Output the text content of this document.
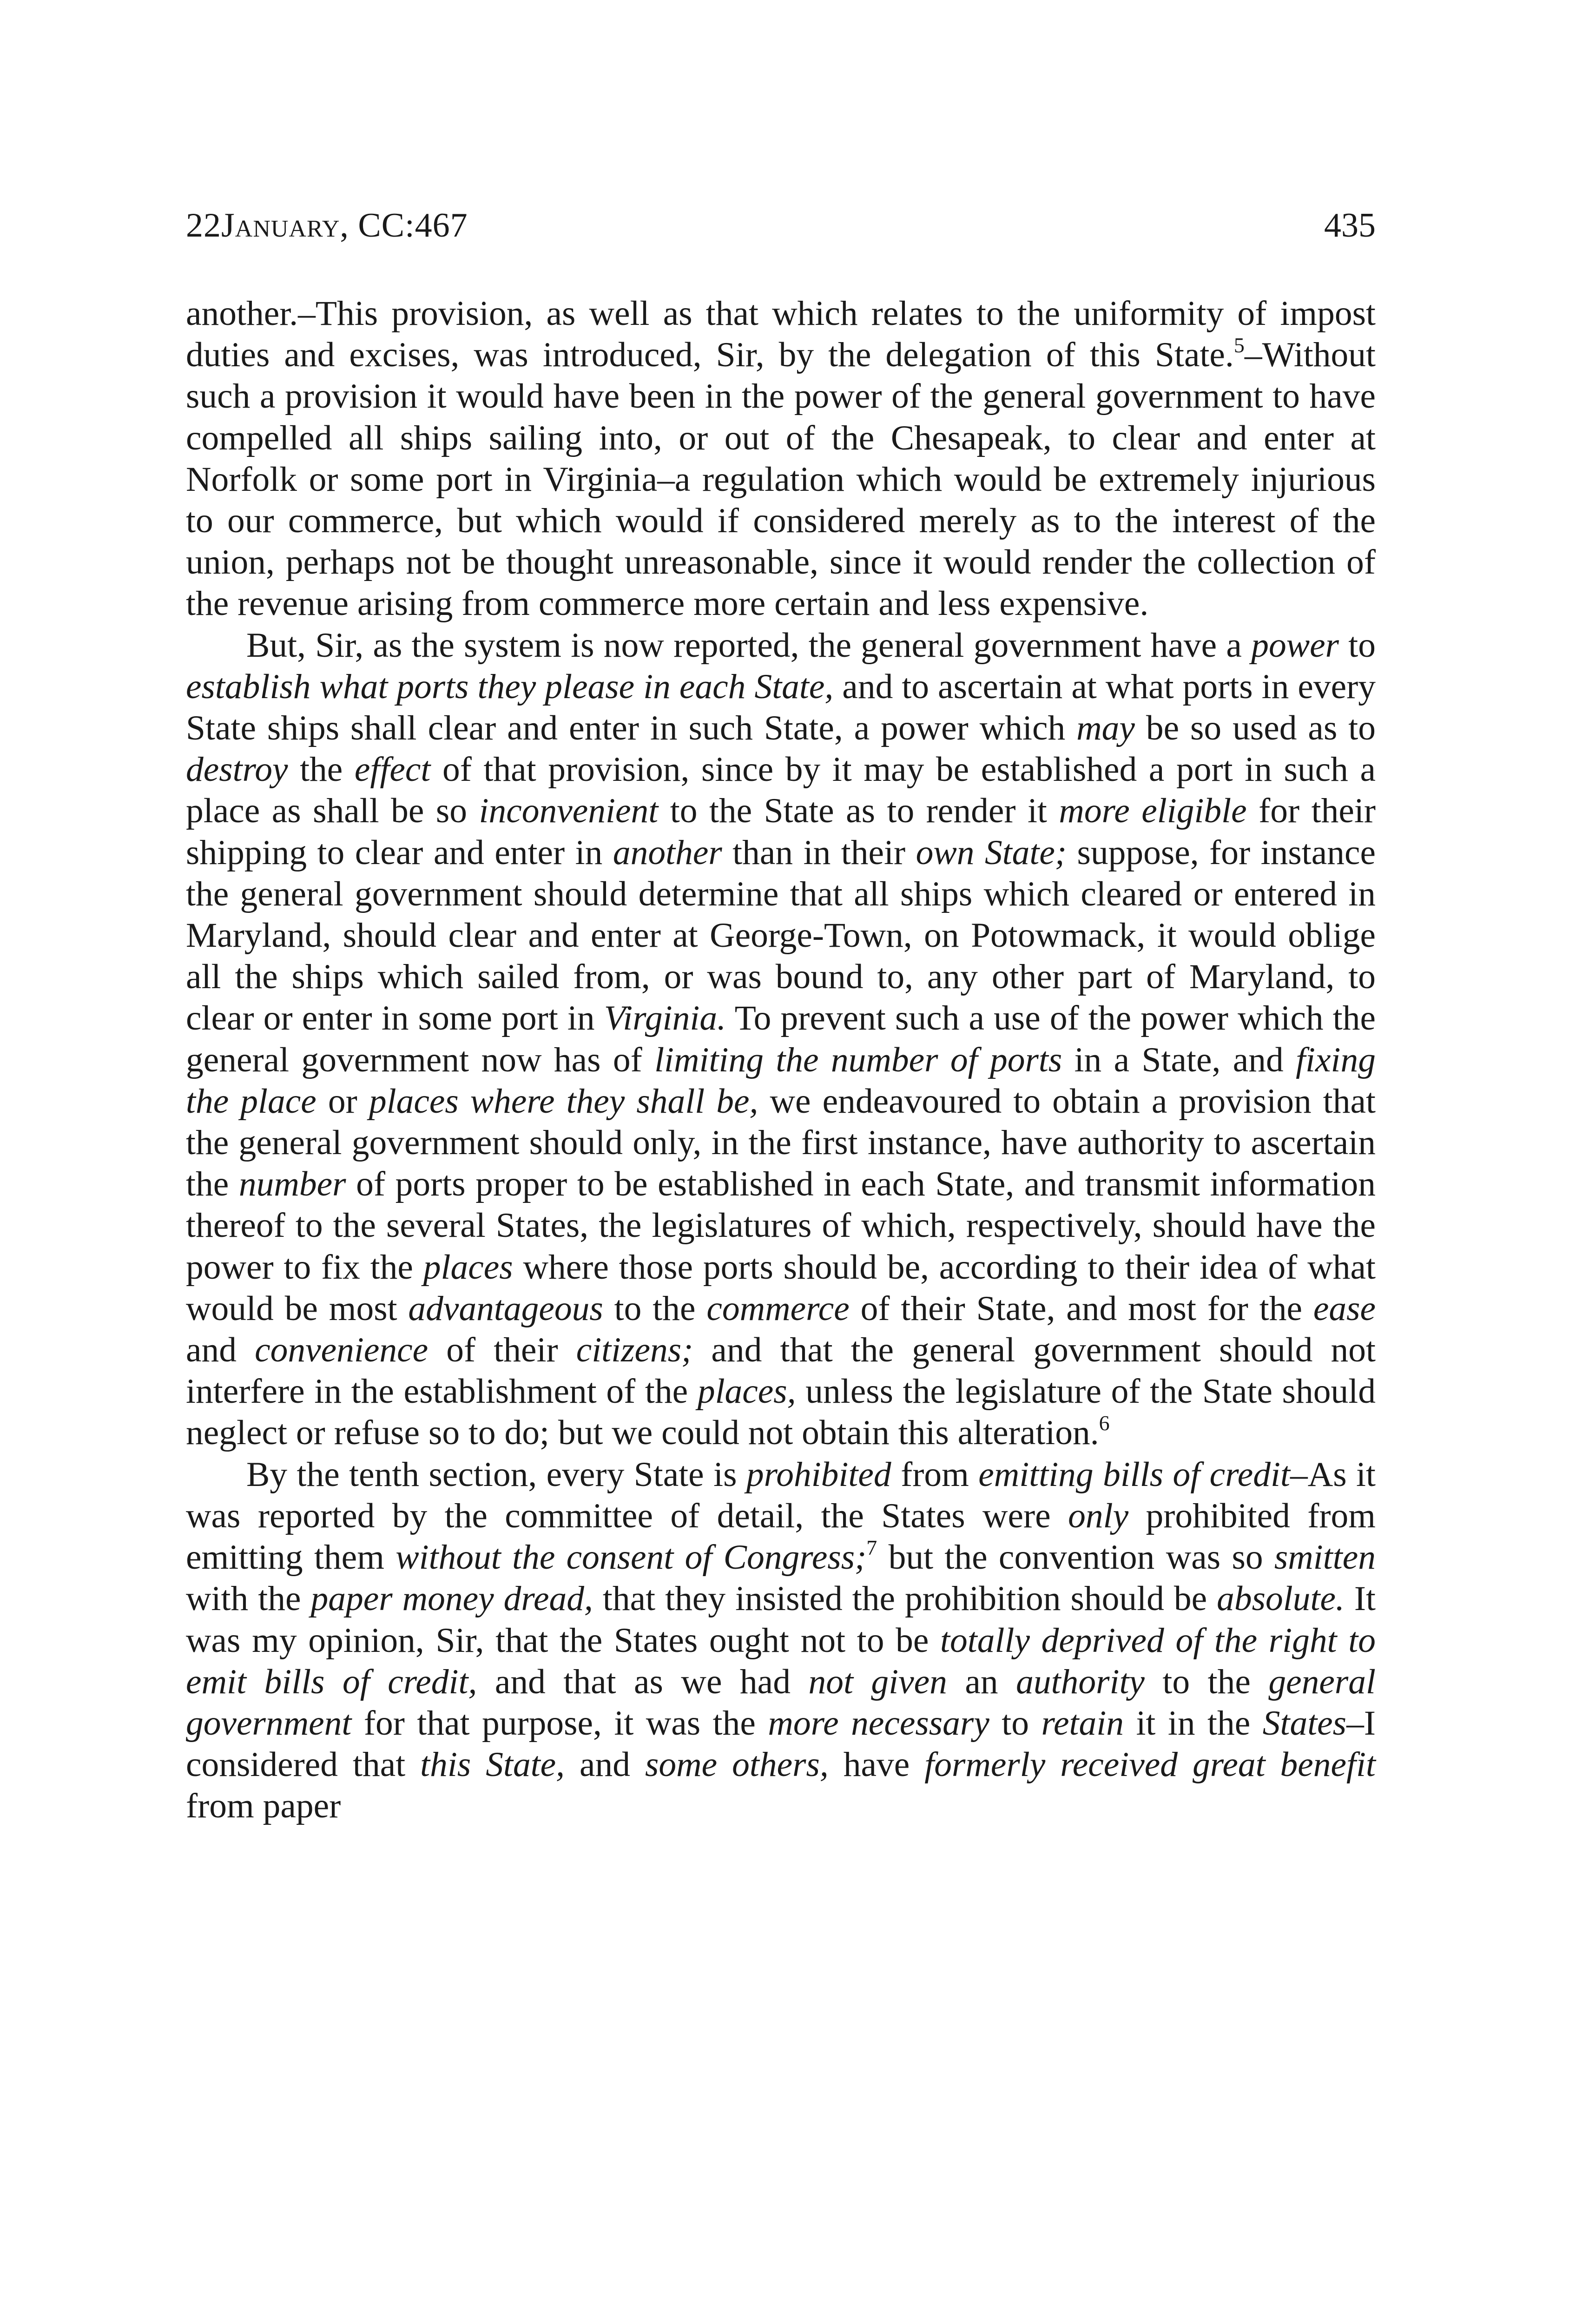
22January, CC:467	435

another.–This provision, as well as that which relates to the uniformity of impost duties and excises, was introduced, Sir, by the delegation of this State.$^5$–Without such a provision it would have been in the power of the general government to have compelled all ships sailing into, or out of the Chesapeak, to clear and enter at Norfolk or some port in Virginia–a regulation which would be extremely injurious to our commerce, but which would if considered merely as to the interest of the union, perhaps not be thought unreasonable, since it would render the collection of the revenue arising from commerce more certain and less expensive.

But, Sir, as the system is now reported, the general government have a power to establish what ports they please in each State, and to ascertain at what ports in every State ships shall clear and enter in such State, a power which may be so used as to destroy the effect of that provision, since by it may be established a port in such a place as shall be so inconvenient to the State as to render it more eligible for their shipping to clear and enter in another than in their own State; suppose, for instance the general government should determine that all ships which cleared or entered in Maryland, should clear and enter at George-Town, on Potowmack, it would oblige all the ships which sailed from, or was bound to, any other part of Maryland, to clear or enter in some port in Virginia. To prevent such a use of the power which the general government now has of limiting the number of ports in a State, and fixing the place or places where they shall be, we endeavoured to obtain a provision that the general government should only, in the first instance, have authority to ascertain the number of ports proper to be established in each State, and transmit information thereof to the several States, the legislatures of which, respectively, should have the power to fix the places where those ports should be, according to their idea of what would be most advantageous to the commerce of their State, and most for the ease and convenience of their citizens; and that the general government should not interfere in the establishment of the places, unless the legislature of the State should neglect or refuse so to do; but we could not obtain this alteration.$^6$

By the tenth section, every State is prohibited from emitting bills of credit–As it was reported by the committee of detail, the States were only prohibited from emitting them without the consent of Congress;$^7$ but the convention was so smitten with the paper money dread, that they insisted the prohibition should be absolute. It was my opinion, Sir, that the States ought not to be totally deprived of the right to emit bills of credit, and that as we had not given an authority to the general government for that purpose, it was the more necessary to retain it in the States–I considered that this State, and some others, have formerly received great benefit from paper
